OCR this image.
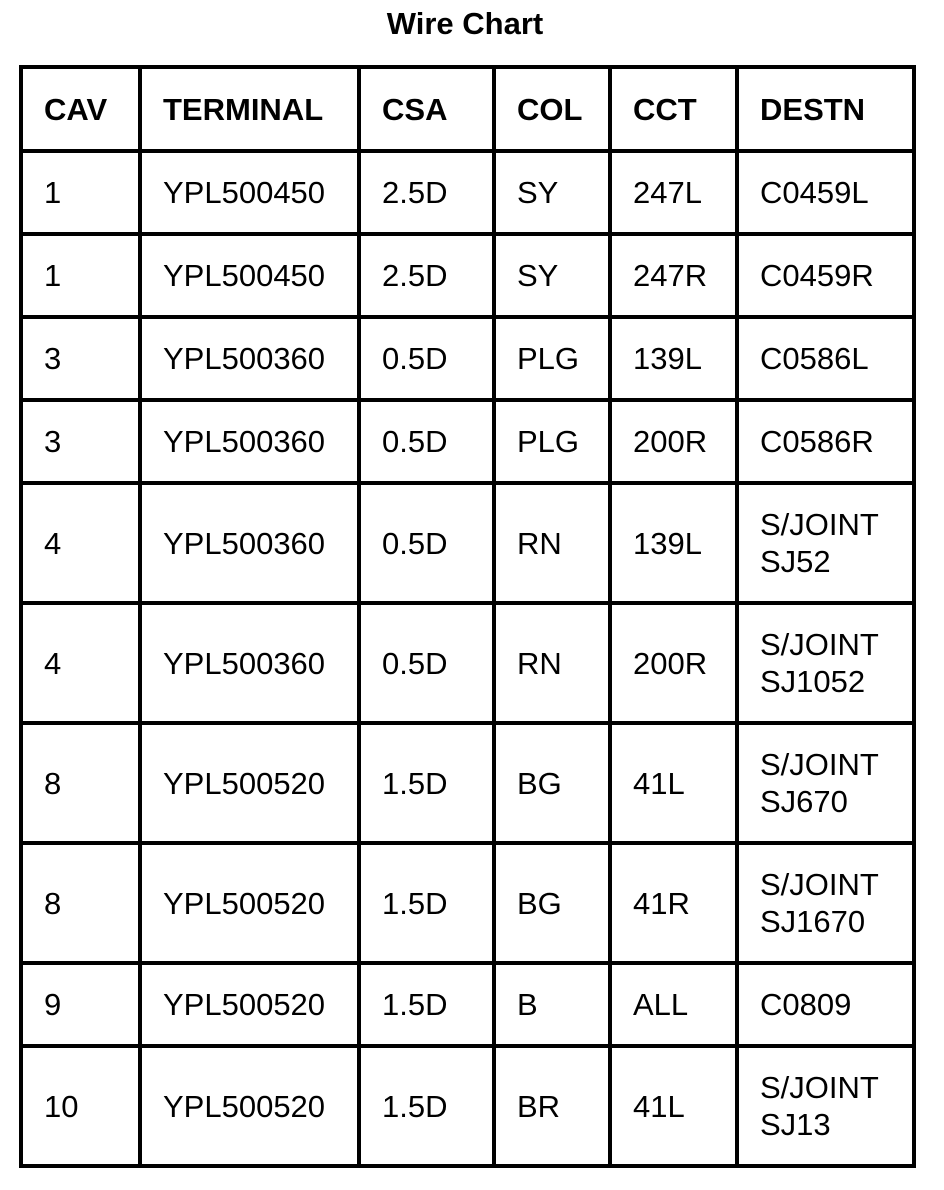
Wire Chart
CAV	TERMINAL	CSA	COL	CCT	DESTN
1	YPL500450	2.5D	SY	247L	C0459L

1	YPL500450	2.5D	SY	247R	C0459R

3	YPL500360	0.5D	PLG	139L	C0586L

3	YPL500360	0.5D	PLG	200R	C0586R

4	YPL500360	0.5D	RN	139L	S/JOINT
SJ52

4	YPL500360	0.5D	RN	200R	S/JOINT
SJ1052

8	YPL500520	1.5D	BG	41L	S/JOINT
SJ670

8	YPL500520	1.5D	BG	41R	S/JOINT
SJ1670

9	YPL500520	1.5D	B	ALL	C0809

10	YPL500520	1.5D	BR	41L	S/JOINT
SJ13
